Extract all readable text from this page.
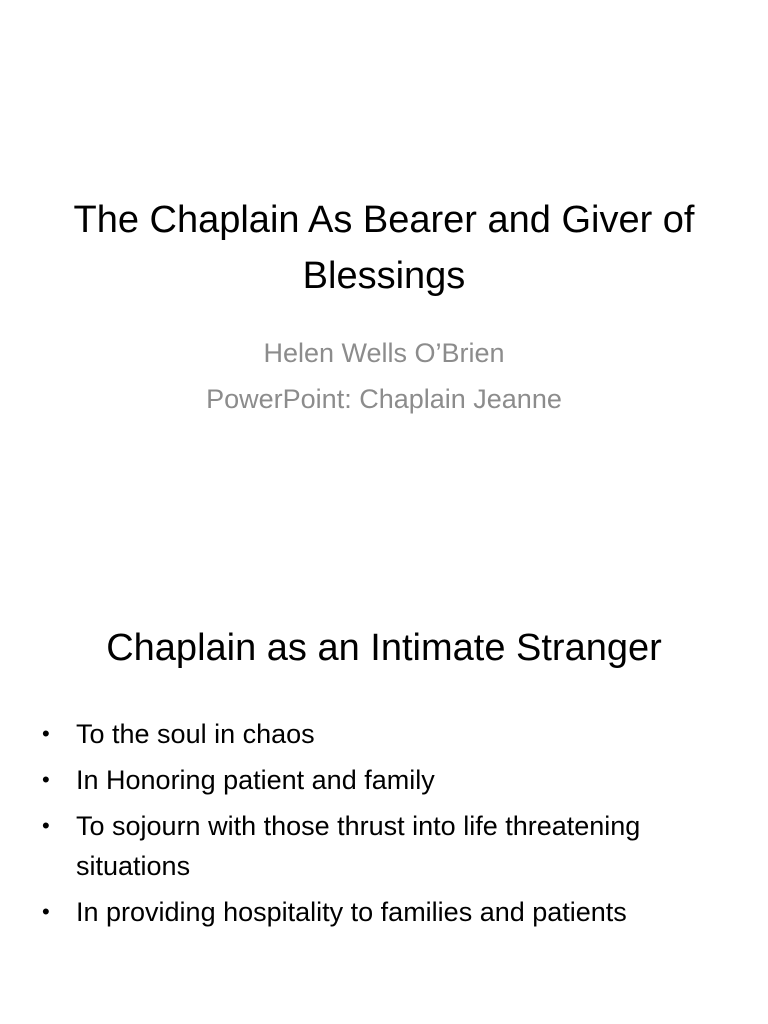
The Chaplain As Bearer and Giver of Blessings
Helen Wells O’Brien
PowerPoint: Chaplain Jeanne
Chaplain as an Intimate Stranger
• To the soul in chaos
• In Honoring patient and family
• To sojourn with those thrust into life threatening situations
• In providing hospitality to families and patients
